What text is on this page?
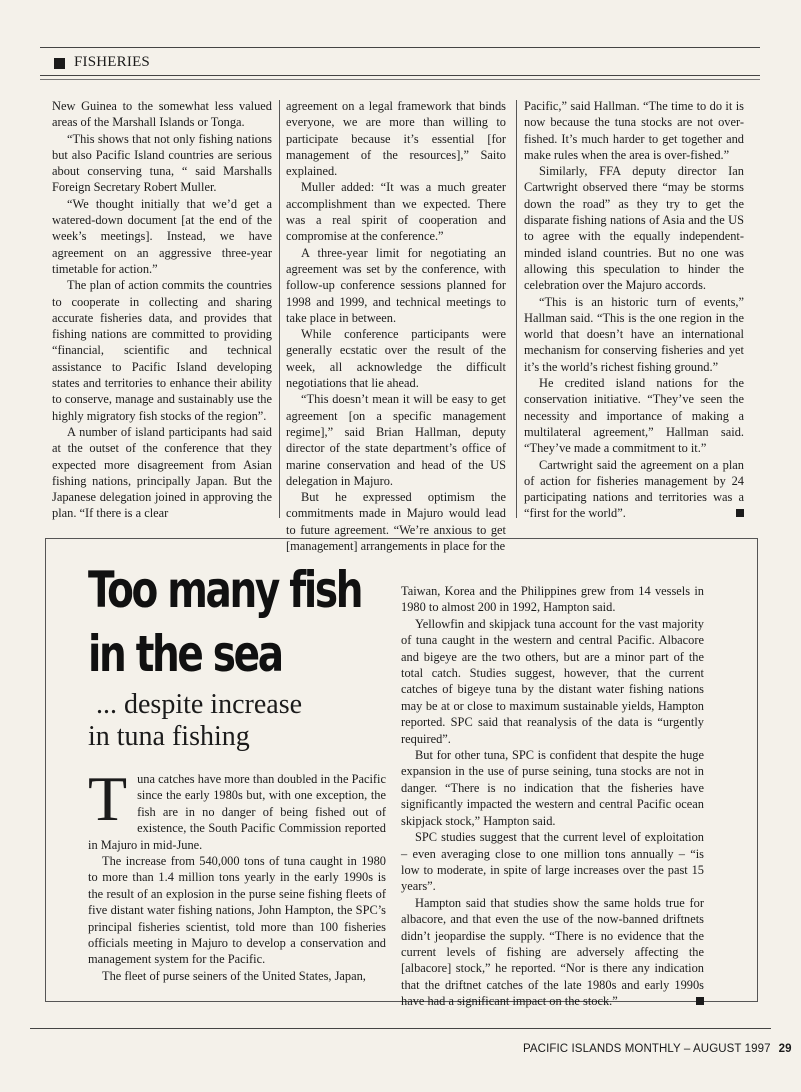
FISHERIES

New Guinea to the somewhat less valued areas of the Marshall Islands or Tonga.

“This shows that not only fishing nations but also Pacific Island countries are serious about conserving tuna, “ said Marshalls Foreign Secretary Robert Muller.

“We thought initially that we’d get a watered-down document [at the end of the week’s meetings]. Instead, we have agreement on an aggressive three-year timetable for action.”

The plan of action commits the countries to cooperate in collecting and sharing accurate fisheries data, and provides that fishing nations are committed to providing “financial, scientific and technical assistance to Pacific Island developing states and territories to enhance their ability to conserve, manage and sustainably use the highly migratory fish stocks of the region”.

A number of island participants had said at the outset of the conference that they expected more disagreement from Asian fishing nations, principally Japan. But the Japanese delegation joined in approving the plan. “If there is a clear

agreement on a legal framework that binds everyone, we are more than willing to participate because it’s essential [for management of the resources],” Saito explained.

Muller added: “It was a much greater accomplishment than we expected. There was a real spirit of cooperation and compromise at the conference.”

A three-year limit for negotiating an agreement was set by the conference, with follow-up conference sessions planned for 1998 and 1999, and technical meetings to take place in between.

While conference participants were generally ecstatic over the result of the week, all acknowledge the difficult negotiations that lie ahead.

“This doesn’t mean it will be easy to get agreement [on a specific management regime],” said Brian Hallman, deputy director of the state department’s office of marine conservation and head of the US delegation in Majuro.

But he expressed optimism the commitments made in Majuro would lead to future agreement. “We’re anxious to get [management] arrangements in place for the

Pacific,” said Hallman. “The time to do it is now because the tuna stocks are not over-fished. It’s much harder to get together and make rules when the area is over-fished.”

Similarly, FFA deputy director Ian Cartwright observed there “may be storms down the road” as they try to get the disparate fishing nations of Asia and the US to agree with the equally independent-minded island countries. But no one was allowing this speculation to hinder the celebration over the Majuro accords.

“This is an historic turn of events,” Hallman said. “This is the one region in the world that doesn’t have an international mechanism for conserving fisheries and yet it’s the world’s richest fishing ground.”

He credited island nations for the conservation initiative. “They’ve seen the necessity and importance of making a multilateral agreement,” Hallman said. “They’ve made a commitment to it.”

Cartwright said the agreement on a plan of action for fisheries management by 24 participating nations and territories was a “first for the world”.

Too many fish
in the sea
... despite increase
in tuna fishing

Tuna catches have more than doubled in the Pacific since the early 1980s but, with one exception, the fish are in no danger of being fished out of existence, the South Pacific Commission reported in Majuro in mid-June.

The increase from 540,000 tons of tuna caught in 1980 to more than 1.4 million tons yearly in the early 1990s is the result of an explosion in the purse seine fishing fleets of five distant water fishing nations, John Hampton, the SPC’s principal fisheries scientist, told more than 100 fisheries officials meeting in Majuro to develop a conservation and management system for the Pacific.

The fleet of purse seiners of the United States, Japan,

Taiwan, Korea and the Philippines grew from 14 vessels in 1980 to almost 200 in 1992, Hampton said.

Yellowfin and skipjack tuna account for the vast majority of tuna caught in the western and central Pacific. Albacore and bigeye are the two others, but are a minor part of the total catch. Studies suggest, however, that the current catches of bigeye tuna by the distant water fishing nations may be at or close to maximum sustainable yields, Hampton reported. SPC said that reanalysis of the data is “urgently required”.

But for other tuna, SPC is confident that despite the huge expansion in the use of purse seining, tuna stocks are not in danger. “There is no indication that the fisheries have significantly impacted the western and central Pacific ocean skipjack stock,” Hampton said.

SPC studies suggest that the current level of exploitation – even averaging close to one million tons annually – “is low to moderate, in spite of large increases over the past 15 years”.

Hampton said that studies show the same holds true for albacore, and that even the use of the now-banned driftnets didn’t jeopardise the supply. “There is no evidence that the current levels of fishing are adversely affecting the [albacore] stock,” he reported. “Nor is there any indication that the driftnet catches of the late 1980s and early 1990s have had a significant impact on the stock.”

PACIFIC ISLANDS MONTHLY – AUGUST 1997 29
